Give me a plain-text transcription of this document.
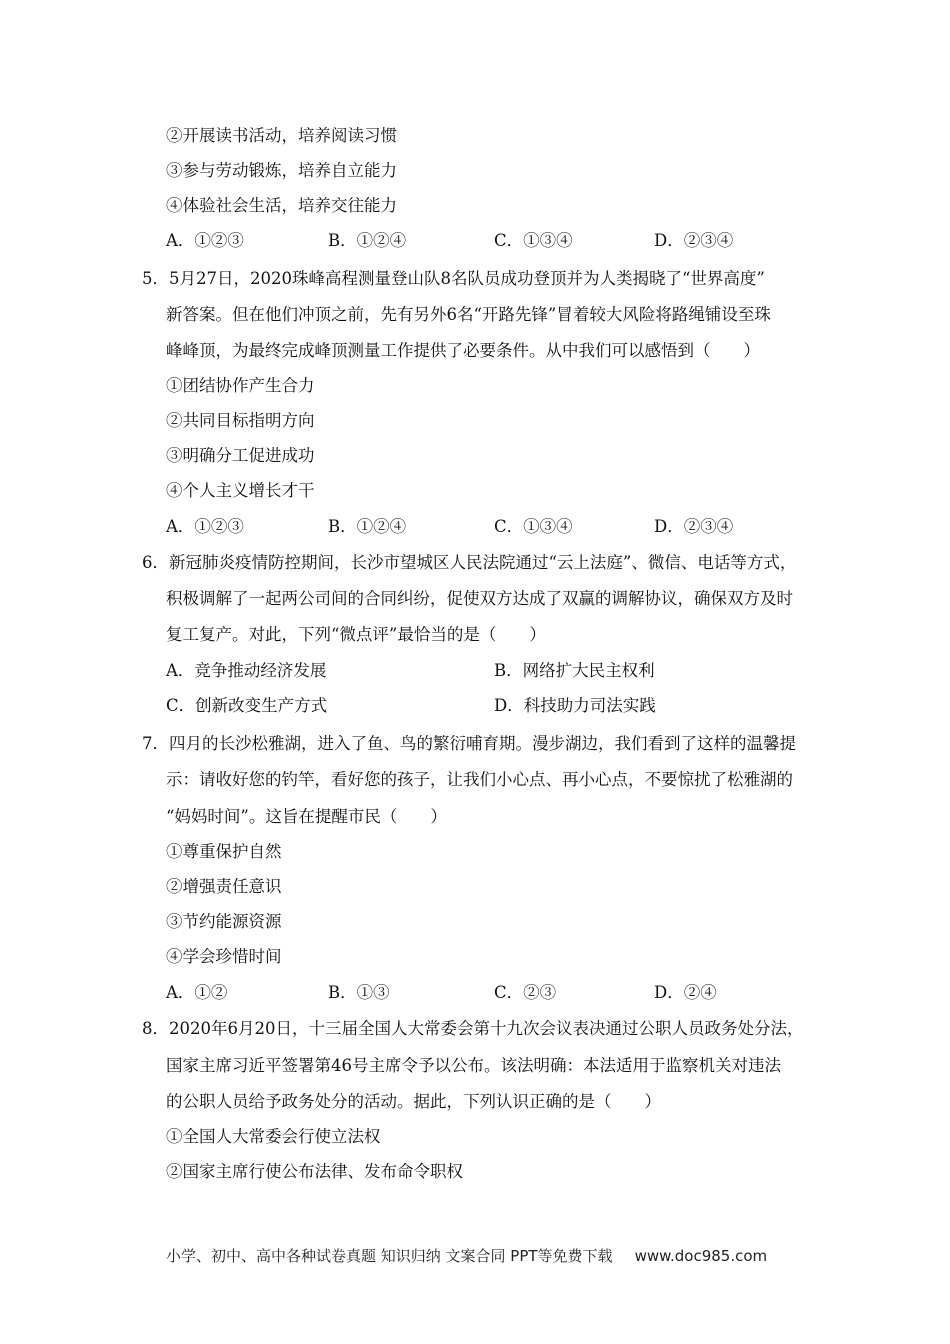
②开展读书活动，培养阅读习惯
③参与劳动锻炼，培养自立能力
④体验社会生活，培养交往能力
A．①②③	B．①②④	C．①③④	D．②③④
5．5月27日，2020珠峰高程测量登山队8名队员成功登顶并为人类揭晓了“世界高度”
新答案。但在他们冲顶之前，先有另外6名“开路先锋”冒着较大风险将路绳铺设至珠
峰峰顶，为最终完成峰顶测量工作提供了必要条件。从中我们可以感悟到（　　）
①团结协作产生合力
②共同目标指明方向
③明确分工促进成功
④个人主义增长才干
A．①②③	B．①②④	C．①③④	D．②③④
6．新冠肺炎疫情防控期间，长沙市望城区人民法院通过“云上法庭”、微信、电话等方式，
积极调解了一起两公司间的合同纠纷，促使双方达成了双赢的调解协议，确保双方及时
复工复产。对此，下列“微点评”最恰当的是（　　）
A．竞争推动经济发展	B．网络扩大民主权利
C．创新改变生产方式	D．科技助力司法实践
7．四月的长沙松雅湖，进入了鱼、鸟的繁衍哺育期。漫步湖边，我们看到了这样的温馨提
示：请收好您的钓竿，看好您的孩子，让我们小心点、再小心点，不要惊扰了松雅湖的
“妈妈时间”。这旨在提醒市民（　　）
①尊重保护自然
②增强责任意识
③节约能源资源
④学会珍惜时间
A．①②	B．①③	C．②③	D．②④
8．2020年6月20日，十三届全国人大常委会第十九次会议表决通过公职人员政务处分法，
国家主席习近平签署第46号主席令予以公布。该法明确：本法适用于监察机关对违法
的公职人员给予政务处分的活动。据此，下列认识正确的是（　　）
①全国人大常委会行使立法权
②国家主席行使公布法律、发布命令职权
小学、初中、高中各种试卷真题 知识归纳 文案合同 PPT等免费下载 www.doc985.com
